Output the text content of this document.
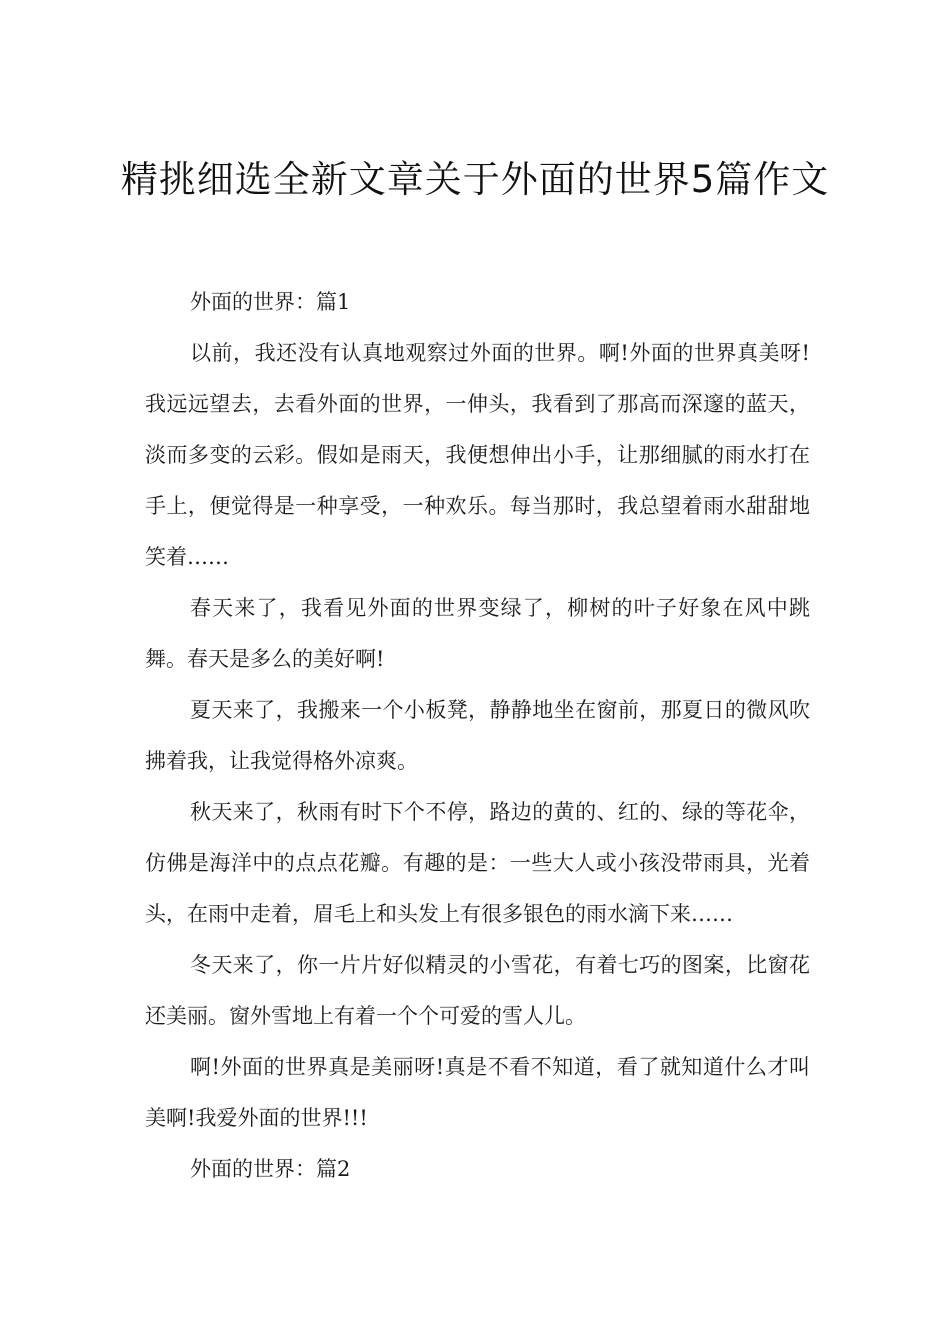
精挑细选全新文章关于外面的世界5篇作文

外面的世界：篇1

以前，我还没有认真地观察过外面的世界。啊!外面的世界真美呀!我远远望去，去看外面的世界，一伸头，我看到了那高而深邃的蓝天，淡而多变的云彩。假如是雨天，我便想伸出小手，让那细腻的雨水打在手上，便觉得是一种享受，一种欢乐。每当那时，我总望着雨水甜甜地笑着……

春天来了，我看见外面的世界变绿了，柳树的叶子好象在风中跳舞。春天是多么的美好啊!

夏天来了，我搬来一个小板凳，静静地坐在窗前，那夏日的微风吹拂着我，让我觉得格外凉爽。

秋天来了，秋雨有时下个不停，路边的黄的、红的、绿的等花伞，仿佛是海洋中的点点花瓣。有趣的是：一些大人或小孩没带雨具，光着头，在雨中走着，眉毛上和头发上有很多银色的雨水滴下来……

冬天来了，你一片片好似精灵的小雪花，有着七巧的图案，比窗花还美丽。窗外雪地上有着一个个可爱的雪人儿。

啊!外面的世界真是美丽呀!真是不看不知道，看了就知道什么才叫美啊!我爱外面的世界!!!

外面的世界：篇2
